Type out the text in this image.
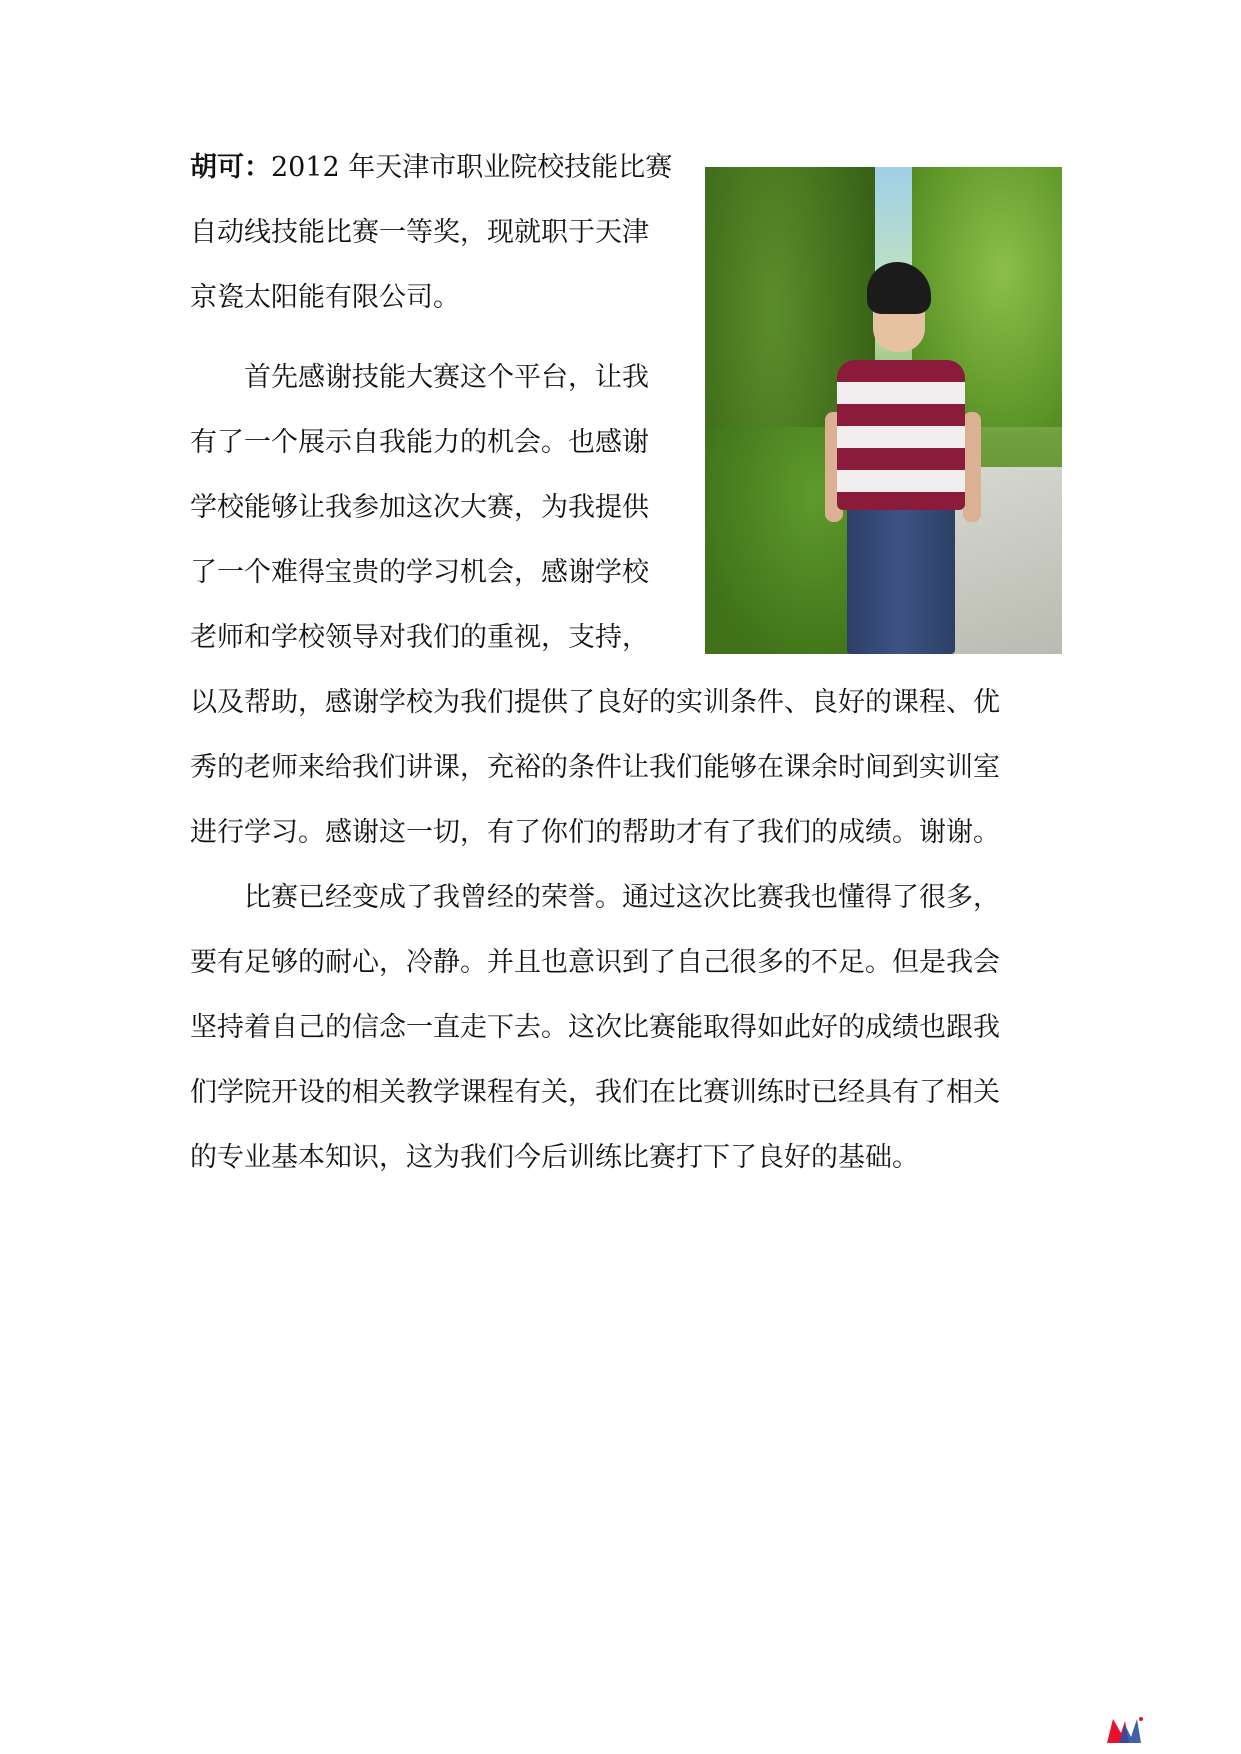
胡可：2012 年天津市职业院校技能比赛

自动线技能比赛一等奖，现就职于天津

京瓷太阳能有限公司。

　　首先感谢技能大赛这个平台，让我

有了一个展示自我能力的机会。也感谢

学校能够让我参加这次大赛，为我提供

了一个难得宝贵的学习机会，感谢学校

老师和学校领导对我们的重视，支持，

以及帮助，感谢学校为我们提供了良好的实训条件、良好的课程、优

秀的老师来给我们讲课，充裕的条件让我们能够在课余时间到实训室

进行学习。感谢这一切，有了你们的帮助才有了我们的成绩。谢谢。

　　比赛已经变成了我曾经的荣誉。通过这次比赛我也懂得了很多，

要有足够的耐心，冷静。并且也意识到了自己很多的不足。但是我会

坚持着自己的信念一直走下去。这次比赛能取得如此好的成绩也跟我

们学院开设的相关教学课程有关，我们在比赛训练时已经具有了相关

的专业基本知识，这为我们今后训练比赛打下了良好的基础。
